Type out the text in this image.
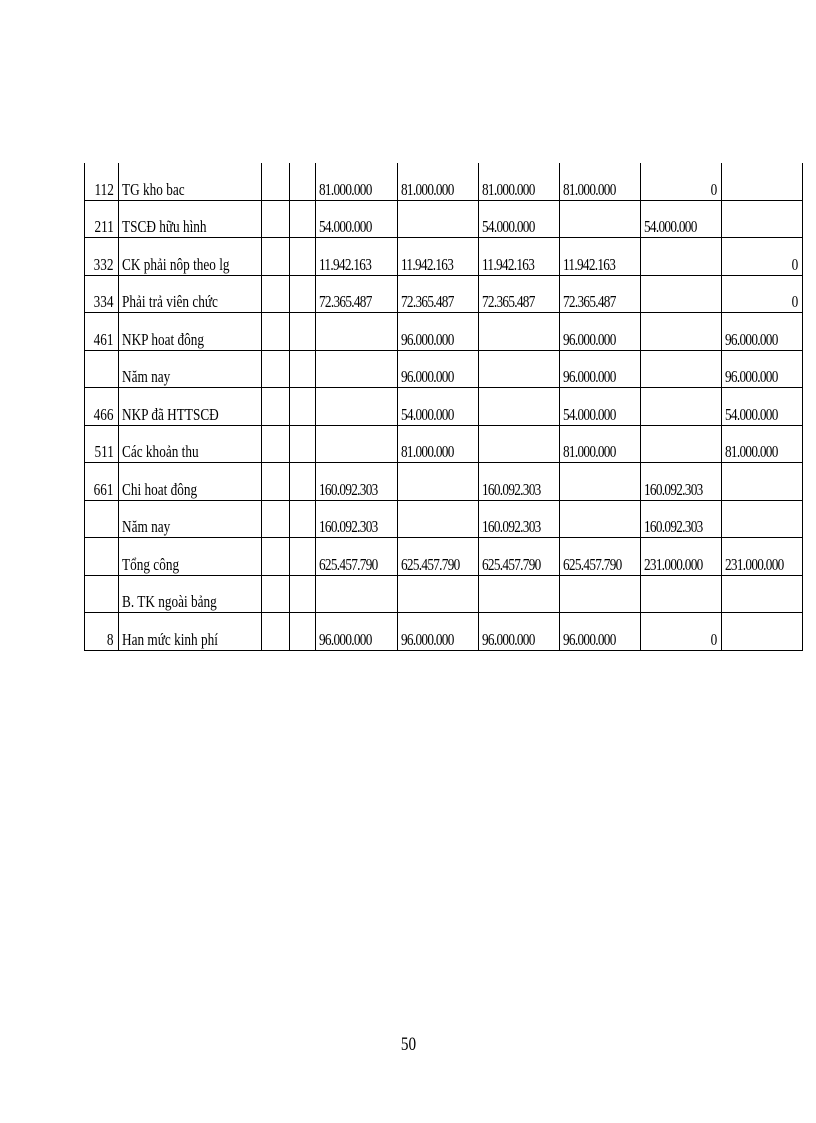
112	TG kho bac			81.000.000	81.000.000	81.000.000	81.000.000	0	
211	TSCĐ hữu hình			54.000.000		54.000.000		54.000.000	
332	CK phải nôp theo lg			11.942.163	11.942.163	11.942.163	11.942.163		0
334	Phải trả viên chức			72.365.487	72.365.487	72.365.487	72.365.487		0
461	NKP hoat đông				96.000.000		96.000.000		96.000.000
	Năm nay				96.000.000		96.000.000		96.000.000
466	NKP đã HTTSCĐ				54.000.000		54.000.000		54.000.000
511	Các khoản thu				81.000.000		81.000.000		81.000.000
661	Chi hoat đông			160.092.303		160.092.303		160.092.303	
	Năm nay			160.092.303		160.092.303		160.092.303	
	Tổng công			625.457.790	625.457.790	625.457.790	625.457.790	231.000.000	231.000.000
	B. TK ngoài bảng								
8	Han mức kinh phí			96.000.000	96.000.000	96.000.000	96.000.000	0	
50
